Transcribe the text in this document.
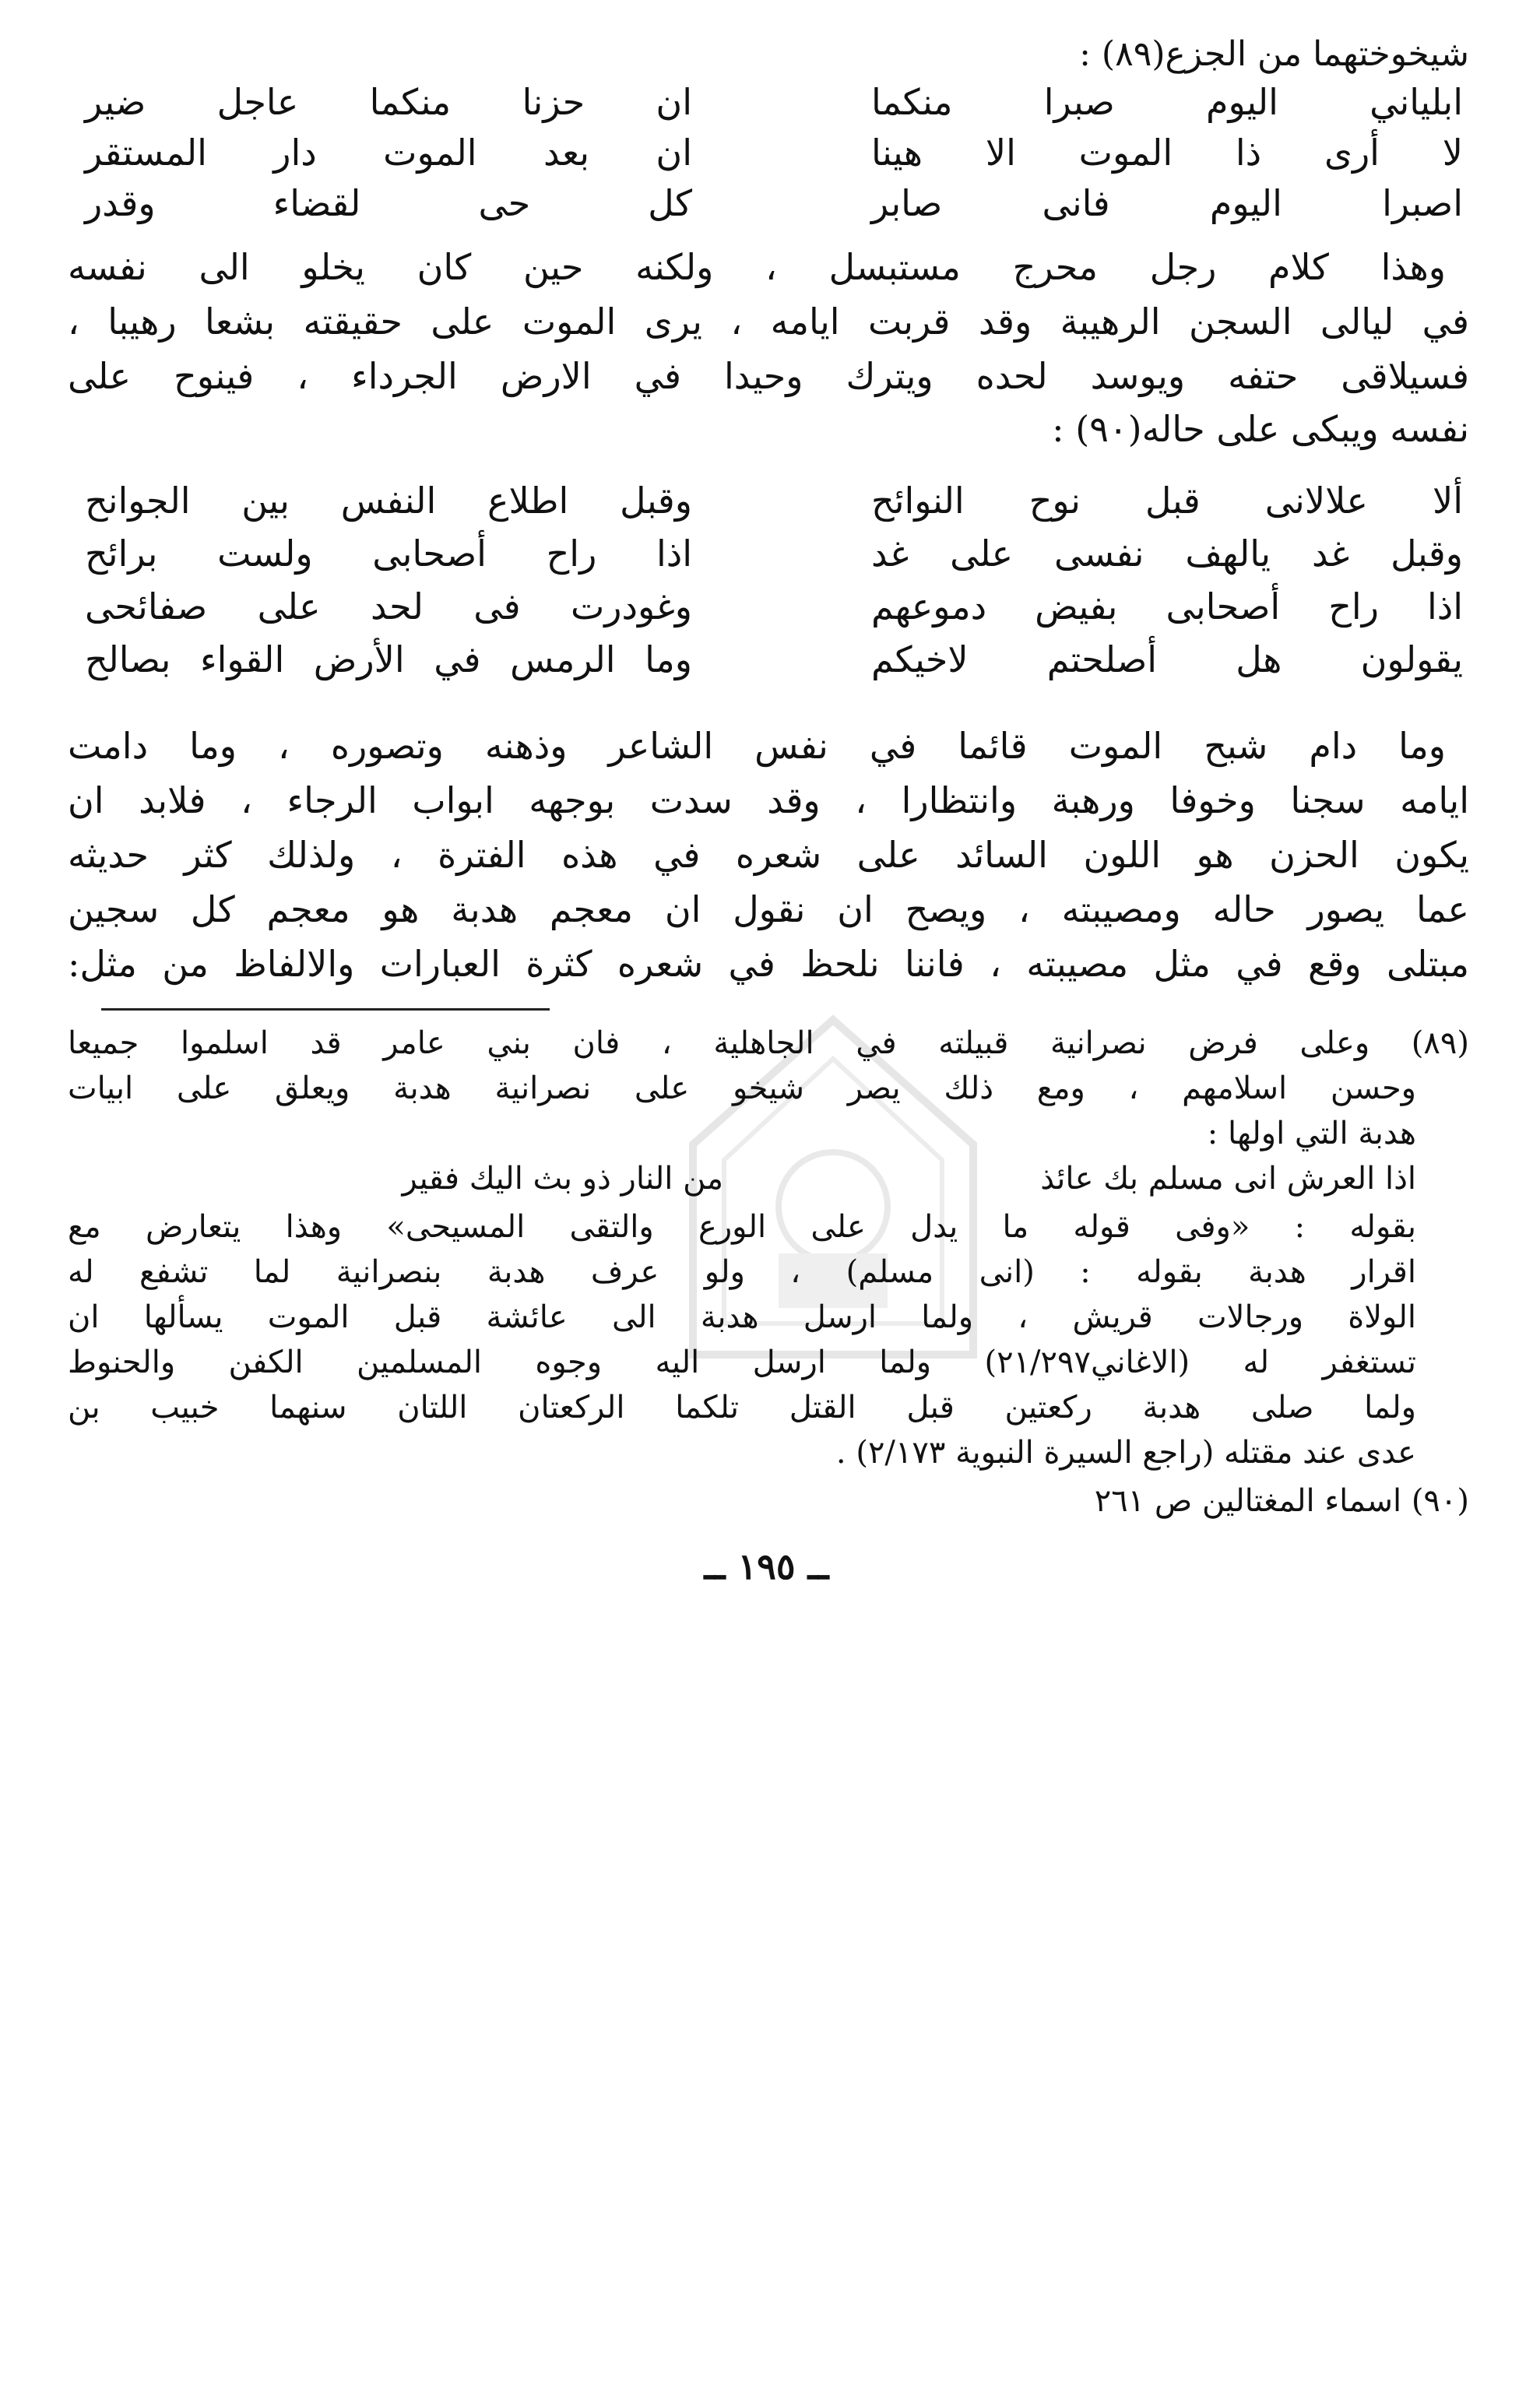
شيخوختهما من الجزع(٨٩) :
ابلياني اليوم صبرا منكما
ان حزنا منكما عاجل ضير
لا أرى ذا الموت الا هينا
ان بعد الموت دار المستقر
اصبرا اليوم فانى صابر
كل حى لقضاء وقدر
وهذا كلام رجل محرج مستبسل ، ولكنه حين كان يخلو الى نفسه
في ليالى السجن الرهيبة وقد قربت ايامه ، يرى الموت على حقيقته بشعا رهيبا ،
فسيلاقى حتفه ويوسد لحده ويترك وحيدا في الارض الجرداء ، فينوح على
نفسه ويبكى على حاله(٩٠) :
ألا علالانى قبل نوح النوائح
وقبل اطلاع النفس بين الجوانح
وقبل غد يالهف نفسى على غد
اذا راح أصحابى ولست برائح
اذا راح أصحابى بفيض دموعهم
وغودرت فى لحد على صفائحى
يقولون هل أصلحتم لاخيكم
وما الرمس في الأرض القواء بصالح
وما دام شبح الموت قائما في نفس الشاعر وذهنه وتصوره ، وما دامت
ايامه سجنا وخوفا ورهبة وانتظارا ، وقد سدت بوجهه ابواب الرجاء ، فلابد ان
يكون الحزن هو اللون السائد على شعره في هذه الفترة ، ولذلك كثر حديثه
عما يصور حاله ومصيبته ، ويصح ان نقول ان معجم هدبة هو معجم كل سجين
مبتلى وقع في مثل مصيبته ، فاننا نلحظ في شعره كثرة العبارات والالفاظ من مثل:
(٨٩) وعلى فرض نصرانية قبيلته في الجاهلية ، فان بني عامر قد اسلموا جميعا
وحسن اسلامهم ، ومع ذلك يصر شيخو على نصرانية هدبة ويعلق على ابيات
هدبة التي اولها :
اذا العرش انى مسلم بك عائذ
من النار ذو بث اليك فقير
بقوله : «وفى قوله ما يدل على الورع والتقى المسيحى» وهذا يتعارض مع
اقرار هدبة بقوله : (انى مسلم) ، ولو عرف هدبة بنصرانية لما تشفع له
الولاة ورجالات قريش ، ولما ارسل هدبة الى عائشة قبل الموت يسألها ان
تستغفر له (الاغاني٢١/٢٩٧) ولما ارسل اليه وجوه المسلمين الكفن والحنوط
ولما صلى هدبة ركعتين قبل القتل تلكما الركعتان اللتان سنهما خبيب بن
عدى عند مقتله (راجع السيرة النبوية ٢/١٧٣) .
(٩٠) اسماء المغتالين ص ٢٦١
ــ ١٩٥ ــ
